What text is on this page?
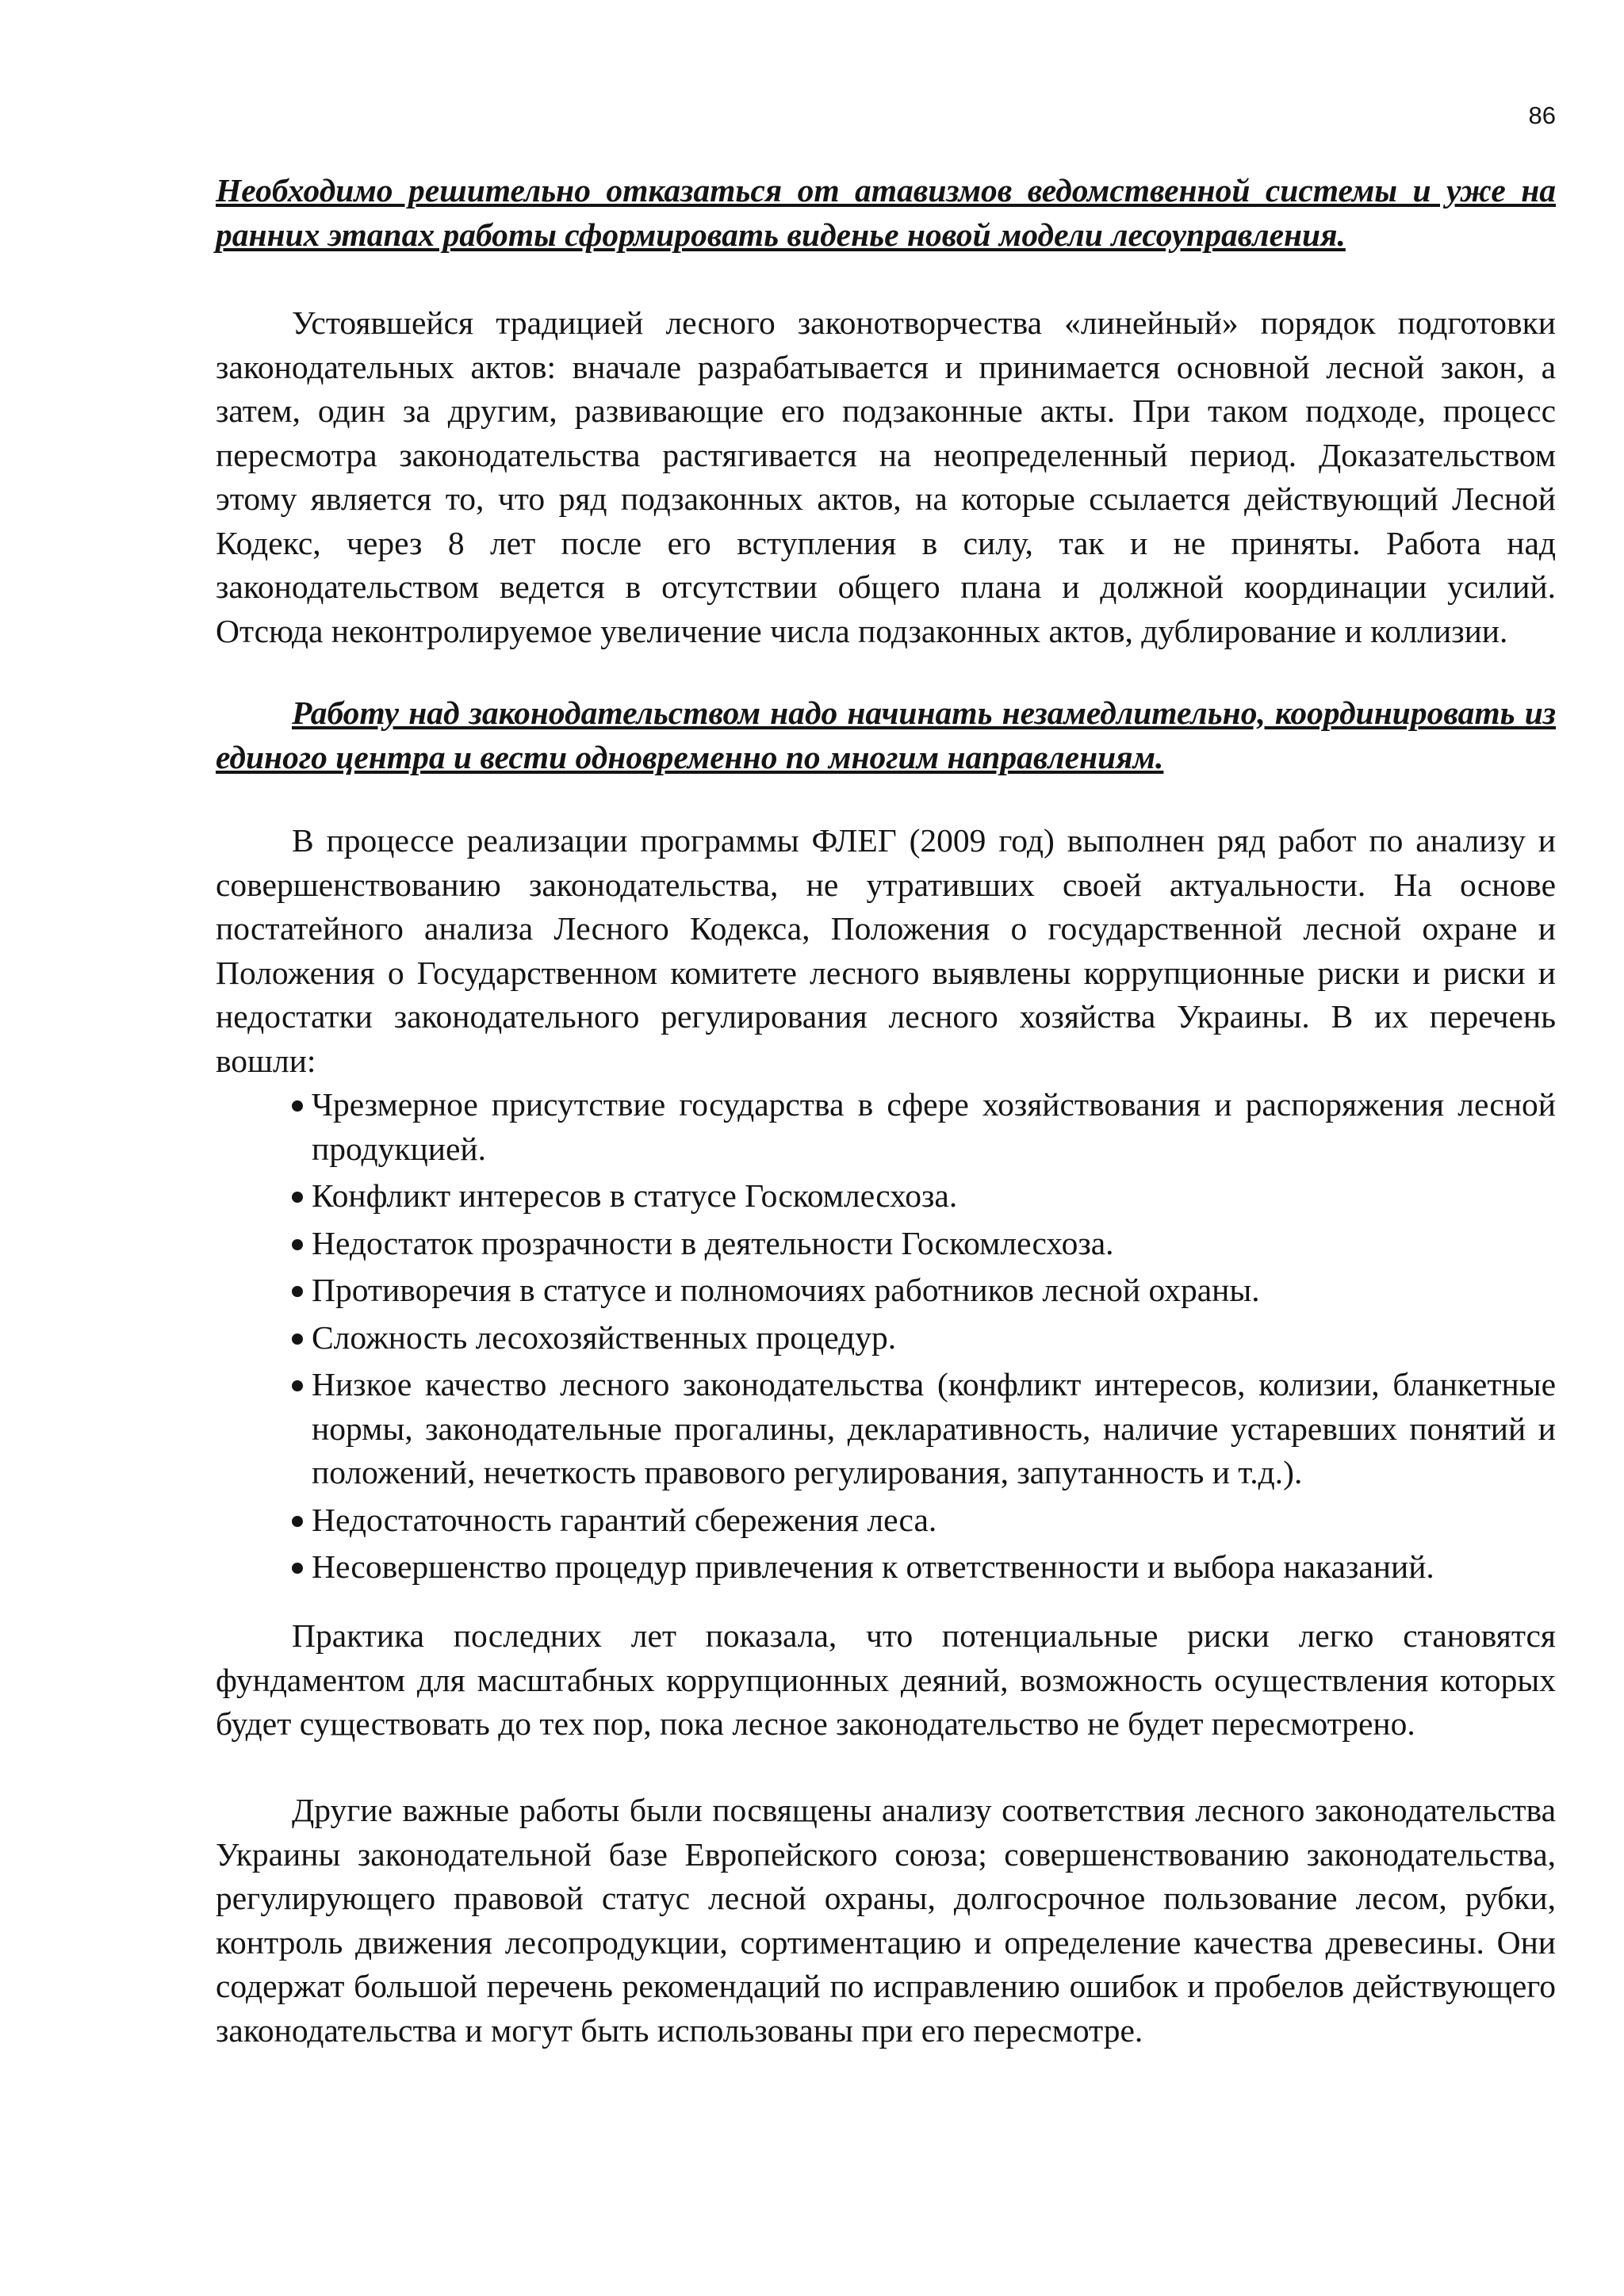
86

Необходимо решительно отказаться от атавизмов ведомственной системы и уже на ранних этапах работы сформировать виденье новой модели лесоуправления.

Устоявшейся традицией лесного законотворчества «линейный» порядок подготовки законодательных актов: вначале разрабатывается и принимается основной лесной закон, а затем, один за другим, развивающие его подзаконные акты. При таком подходе, процесс пересмотра законодательства растягивается на неопределенный период. Доказательством этому является то, что ряд подзаконных актов, на которые ссылается действующий Лесной Кодекс, через 8 лет после его вступления в силу, так и не приняты. Работа над законодательством ведется в отсутствии общего плана и должной координации усилий. Отсюда неконтролируемое увеличение числа подзаконных актов, дублирование и коллизии.

Работу над законодательством надо начинать незамедлительно, координировать из единого центра и вести одновременно по многим направлениям.

В процессе реализации программы ФЛЕГ (2009 год) выполнен ряд работ по анализу и совершенствованию законодательства, не утративших своей актуальности. На основе постатейного анализа Лесного Кодекса, Положения о государственной лесной охране и Положения о Государственном комитете лесного выявлены коррупционные риски и риски и недостатки законодательного регулирования лесного хозяйства Украины. В их перечень вошли:

Чрезмерное присутствие государства в сфере хозяйствования и распоряжения лесной продукцией.
Конфликт интересов в статусе Госкомлесхоза.
Недостаток прозрачности в деятельности Госкомлесхоза.
Противоречия в статусе и полномочиях работников лесной охраны.
Сложность лесохозяйственных процедур.
Низкое качество лесного законодательства (конфликт интересов, колизии, бланкетные нормы, законодательные прогалины, декларативность, наличие устаревших понятий и положений, нечеткость правового регулирования, запутанность и т.д.).
Недостаточность гарантий сбережения леса.
Несовершенство процедур привлечения к ответственности и выбора наказаний.

Практика последних лет показала, что потенциальные риски легко становятся фундаментом для масштабных коррупционных деяний, возможность осуществления которых будет существовать до тех пор, пока лесное законодательство не будет пересмотрено.

Другие важные работы были посвящены анализу соответствия лесного законодательства Украины законодательной базе Европейского союза; совершенствованию законодательства, регулирующего правовой статус лесной охраны, долгосрочное пользование лесом, рубки, контроль движения лесопродукции, сортиментацию и определение качества древесины. Они содержат большой перечень рекомендаций по исправлению ошибок и пробелов действующего законодательства и могут быть использованы при его пересмотре.
